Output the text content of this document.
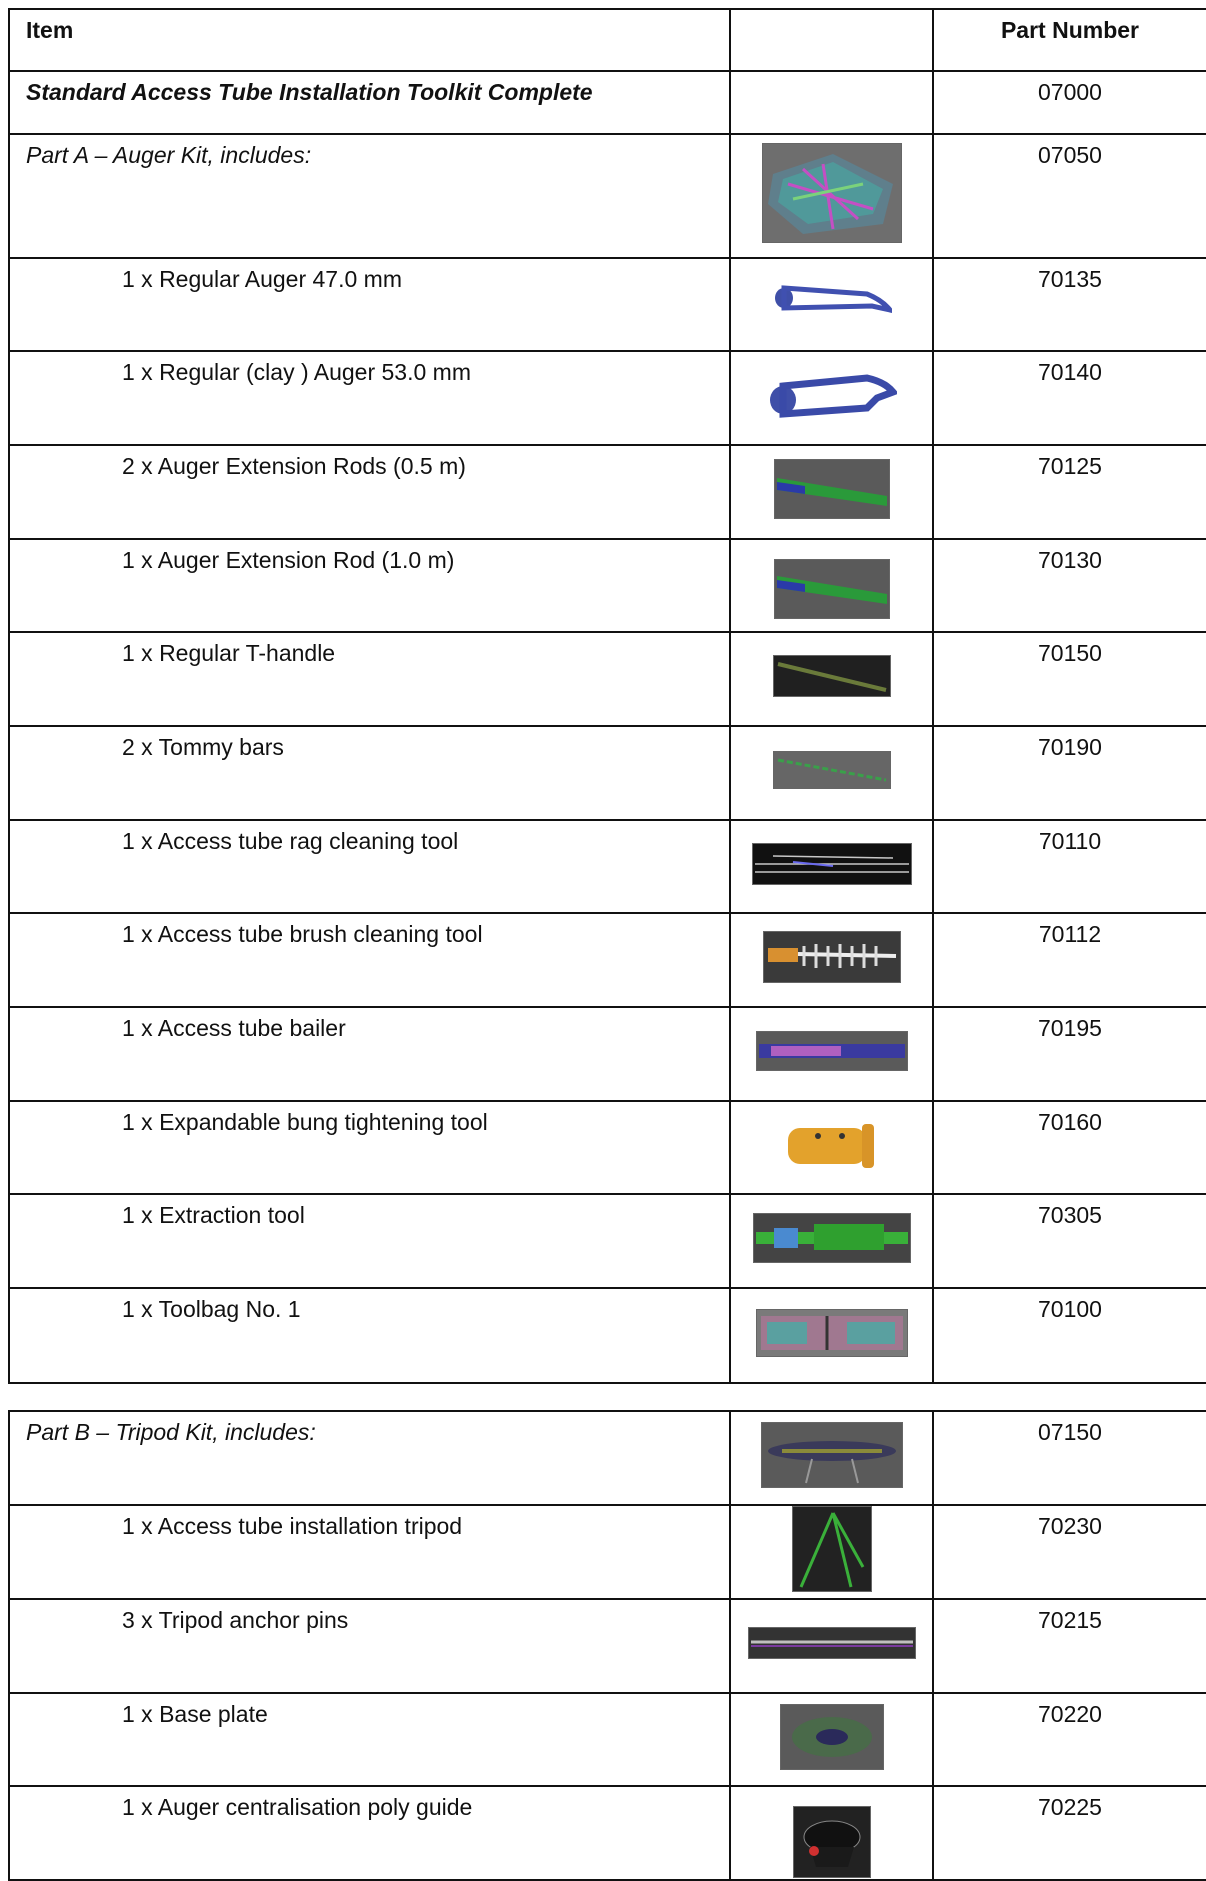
Item		Part Number
Standard Access Tube Installation Toolkit Complete		07000
Part A – Auger Kit, includes:		07050
1 x Regular Auger 47.0 mm		70135
1 x Regular (clay ) Auger 53.0 mm		70140
2 x Auger Extension Rods (0.5 m)		70125
1 x Auger Extension Rod (1.0 m)		70130
1 x Regular T-handle		70150
2 x Tommy bars		70190
1 x Access tube rag cleaning tool		70110
1 x Access tube brush cleaning tool		70112
1 x Access tube bailer		70195
1 x Expandable bung tightening tool		70160
1 x Extraction tool		70305
1 x Toolbag No. 1		70100
Part B – Tripod Kit, includes:		07150
1 x Access tube installation tripod		70230
3 x Tripod anchor pins		70215
1 x Base plate		70220
1 x Auger centralisation poly guide		70225
